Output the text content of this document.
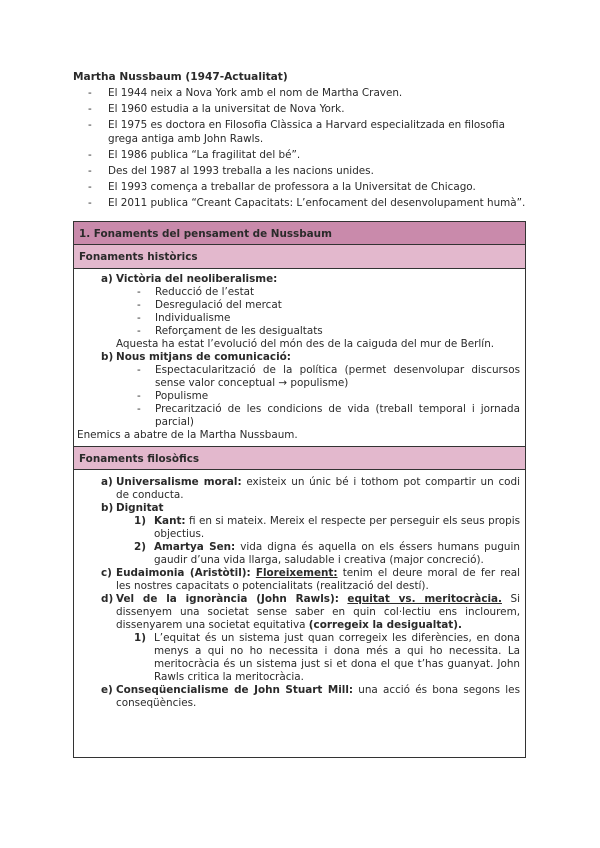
Martha Nussbaum (1947-Actualitat)
- El 1944 neix a Nova York amb el nom de Martha Craven.
- El 1960 estudia a la universitat de Nova York.
- El 1975 es doctora en Filosofia Clàssica a Harvard especialitzada en filosofia grega antiga amb John Rawls.
- El 1986 publica “La fragilitat del bé”.
- Des del 1987 al 1993 treballa a les nacions unides.
- El 1993 comença a treballar de professora a la Universitat de Chicago.
- El 2011 publica “Creant Capacitats: L’enfocament del desenvolupament humà”.
1. Fonaments del pensament de Nussbaum
Fonaments històrics
a) Victòria del neoliberalisme:
- Reducció de l’estat
- Desregulació del mercat
- Individualisme
- Reforçament de les desigualtats
Aquesta ha estat l’evolució del món des de la caiguda del mur de Berlín.
b) Nous mitjans de comunicació:
- Espectacularització de la política (permet desenvolupar discursos sense valor conceptual → populisme)
- Populisme
- Precarització de les condicions de vida (treball temporal i jornada parcial)
Enemics a abatre de la Martha Nussbaum.
Fonaments filosòfics
a) Universalisme moral: existeix un únic bé i tothom pot compartir un codi de conducta.
b) Dignitat
1) Kant: fi en si mateix. Mereix el respecte per perseguir els seus propis objectius.
2) Amartya Sen: vida digna és aquella on els éssers humans puguin gaudir d’una vida llarga, saludable i creativa (major concreció).
c) Eudaimonia (Aristòtil): Floreixement: tenim el deure moral de fer real les nostres capacitats o potencialitats (realització del destí).
d) Vel de la ignorància (John Rawls): equitat vs. meritocràcia. Si dissenyem una societat sense saber en quin col·lectiu ens inclourem, dissenyarem una societat equitativa (corregeix la desigualtat).
1) L’equitat és un sistema just quan corregeix les diferències, en dona menys a qui no ho necessita i dona més a qui ho necessita. La meritocràcia és un sistema just si et dona el que t’has guanyat. John Rawls critica la meritocràcia.
e) Conseqüencialisme de John Stuart Mill: una acció és bona segons les conseqüències.
